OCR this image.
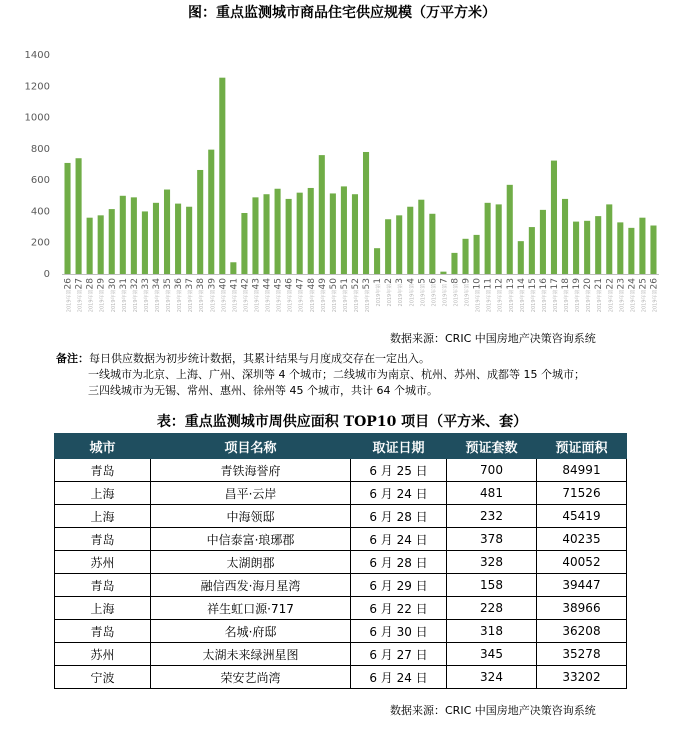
图：重点监测城市商品住宅供应规模（万平方米）
0
200
400
600
800
1000
1200
1400
2019年第26
2019年第27
2019年第28
2019年第29
2019年第30
2019年第31
2019年第32
2019年第33
2019年第34
2019年第35
2019年第36
2019年第37
2019年第38
2019年第39
2019年第40
2019年第41
2019年第42
2019年第43
2019年第44
2019年第45
2019年第46
2019年第47
2019年第48
2019年第49
2019年第50
2019年第51
2019年第52
2019年第53
2019年第1
2019年第2
2019年第3
2019年第4
2019年第5
2019年第6
2019年第7
2019年第8
2019年第9
2019年第10
2019年第11
2019年第12
2019年第13
2019年第14
2019年第15
2019年第16
2019年第17
2019年第18
2019年第19
2019年第20
2019年第21
2019年第22
2019年第23
2019年第24
2019年第25
2019年第26
数据来源：CRIC 中国房地产决策咨询系统
备注：每日供应数据为初步统计数据，其累计结果与月度成交存在一定出入。
一线城市为北京、上海、广州、深圳等 4 个城市；二线城市为南京、杭州、苏州、成都等 15 个城市；
三四线城市为无锡、常州、惠州、徐州等 45 个城市，共计 64 个城市。
表：重点监测城市周供应面积 TOP10 项目（平方米、套）
城市	项目名称	取证日期	预证套数	预证面积
青岛	青铁海誉府	6 月 25 日	700	84991
上海	昌平·云岸	6 月 24 日	481	71526
上海	中海领邸	6 月 28 日	232	45419
青岛	中信泰富·琅琊郡	6 月 24 日	378	40235
苏州	太湖朗郡	6 月 28 日	328	40052
青岛	融信西发·海月星湾	6 月 29 日	158	39447
上海	祥生虹口源·717	6 月 22 日	228	38966
青岛	名城·府邸	6 月 30 日	318	36208
苏州	太湖未来绿洲星图	6 月 27 日	345	35278
宁波	荣安艺尚湾	6 月 24 日	324	33202
数据来源：CRIC 中国房地产决策咨询系统
